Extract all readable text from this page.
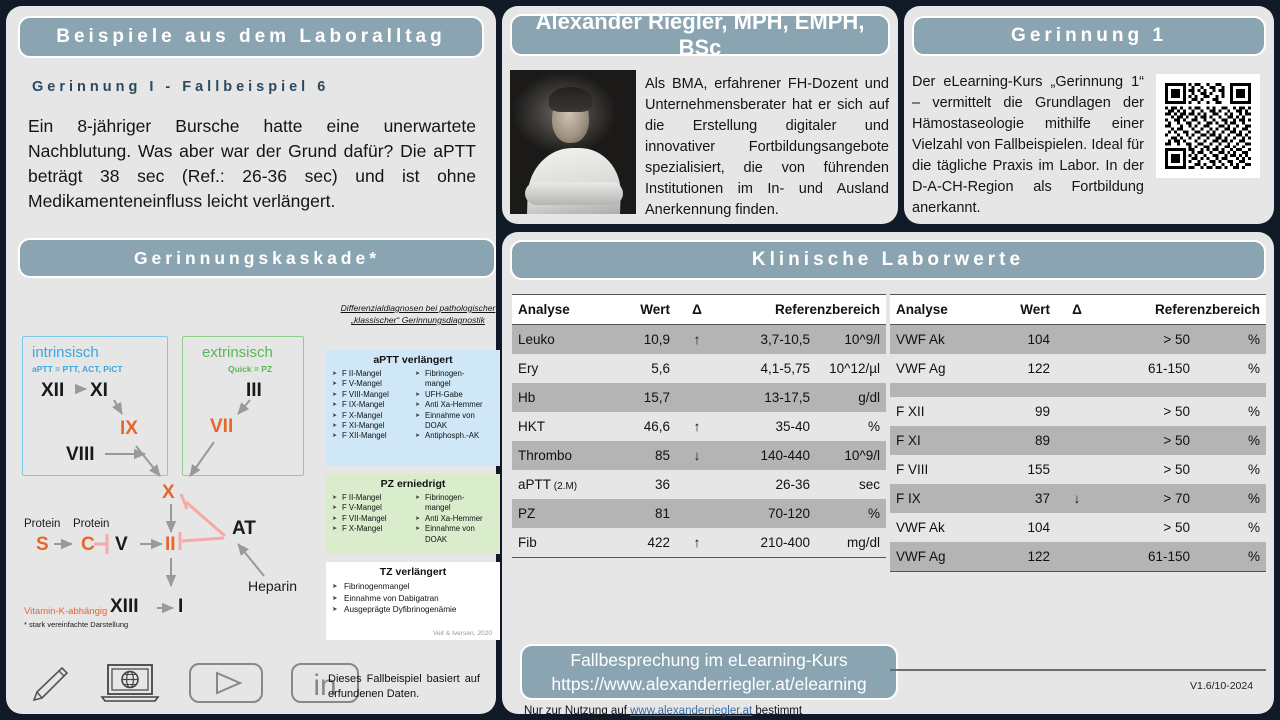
Beispiele aus dem Laboralltag
Gerinnung I - Fallbeispiel 6
Ein 8-jähriger Bursche hatte eine unerwartete Nachblutung. Was aber war der Grund dafür? Die aPTT beträgt 38 sec (Ref.: 26-36 sec) und ist ohne Medikamenteneinfluss leicht verlängert.
Gerinnungskaskade*
intrinsisch
aPTT = PTT, ACT, PiCT
XII XI
IX
VIII
extrinsisch
Quick = PZ
III
VII
X
Protein Protein
S C V II
AT
Heparin
XIII I
Vitamin-K-abhängig
* stark vereinfachte Darstellung
Differenzialdiagnosen bei pathologischer „klassischer“ Gerinnungsdiagnostik
aPTT verlängert
➤ F II-Mangel
➤ F V-Mangel
➤ F VIII-Mangel
➤ F IX-Mangel
➤ F X-Mangel
➤ F XI-Mangel
➤ F XII-Mangel
➤ Fibrinogen-
mangel
➤ UFH-Gabe
➤ Anti Xa-Hemmer
➤ Einnahme von
DOAK
➤ Antiphosph.-AK
PZ erniedrigt
➤ F II-Mangel
➤ F V-Mangel
➤ F VII-Mangel
➤ F X-Mangel
➤ Fibrinogen-
mangel
➤ Anti Xa-Hemmer
➤ Einnahme von
DOAK
TZ verlängert
➤ Fibrinogenmangel
➤ Einnahme von Dabigatran
➤ Ausgeprägte Dyfibrinogenämie
Veit & Iversen, 2020
in
Dieses Fallbeispiel basiert auf erfundenen Daten.
Alexander Riegler, MPH, EMPH, BSc
Als BMA, erfahrener FH-Dozent und Unternehmensberater hat er sich auf die Erstellung digitaler und innovativer Fortbildungsangebote spezialisiert, die von führenden Institutionen im In- und Ausland Anerkennung finden.
Gerinnung 1
Der eLearning-Kurs „Gerinnung 1“ – vermittelt die Grundlagen der Hämostaseologie mithilfe einer Vielzahl von Fallbeispielen. Ideal für die tägliche Praxis im Labor. In der D-A-CH-Region als Fortbildung anerkannt.
Klinische Laborwerte
Analyse	Wert	Δ	Referenzbereich	
Leuko	10,9	↑	3,7-10,5	10^9/l
Ery	5,6		4,1-5,75	10^12/µl
Hb	15,7		13-17,5	g/dl
HKT	46,6	↑	35-40	%
Thrombo	85	↓	140-440	10^9/l
aPTT (2.M)	36		26-36	sec
PZ	81		70-120	%
Fib	422	↑	210-400	mg/dl
Analyse	Wert	Δ	Referenzbereich	
VWF Ak	104		> 50	%
VWF Ag	122		61-150	%

F XII	99		> 50	%
F XI	89		> 50	%
F VIII	155		> 50	%
F IX	37	↓	> 70	%
VWF Ak	104		> 50	%
VWF Ag	122		61-150	%
Fallbesprechung im eLearning-Kurs
https://www.alexanderriegler.at/elearning
Nur zur Nutzung auf www.alexanderriegler.at bestimmt
V1.6/10-2024
